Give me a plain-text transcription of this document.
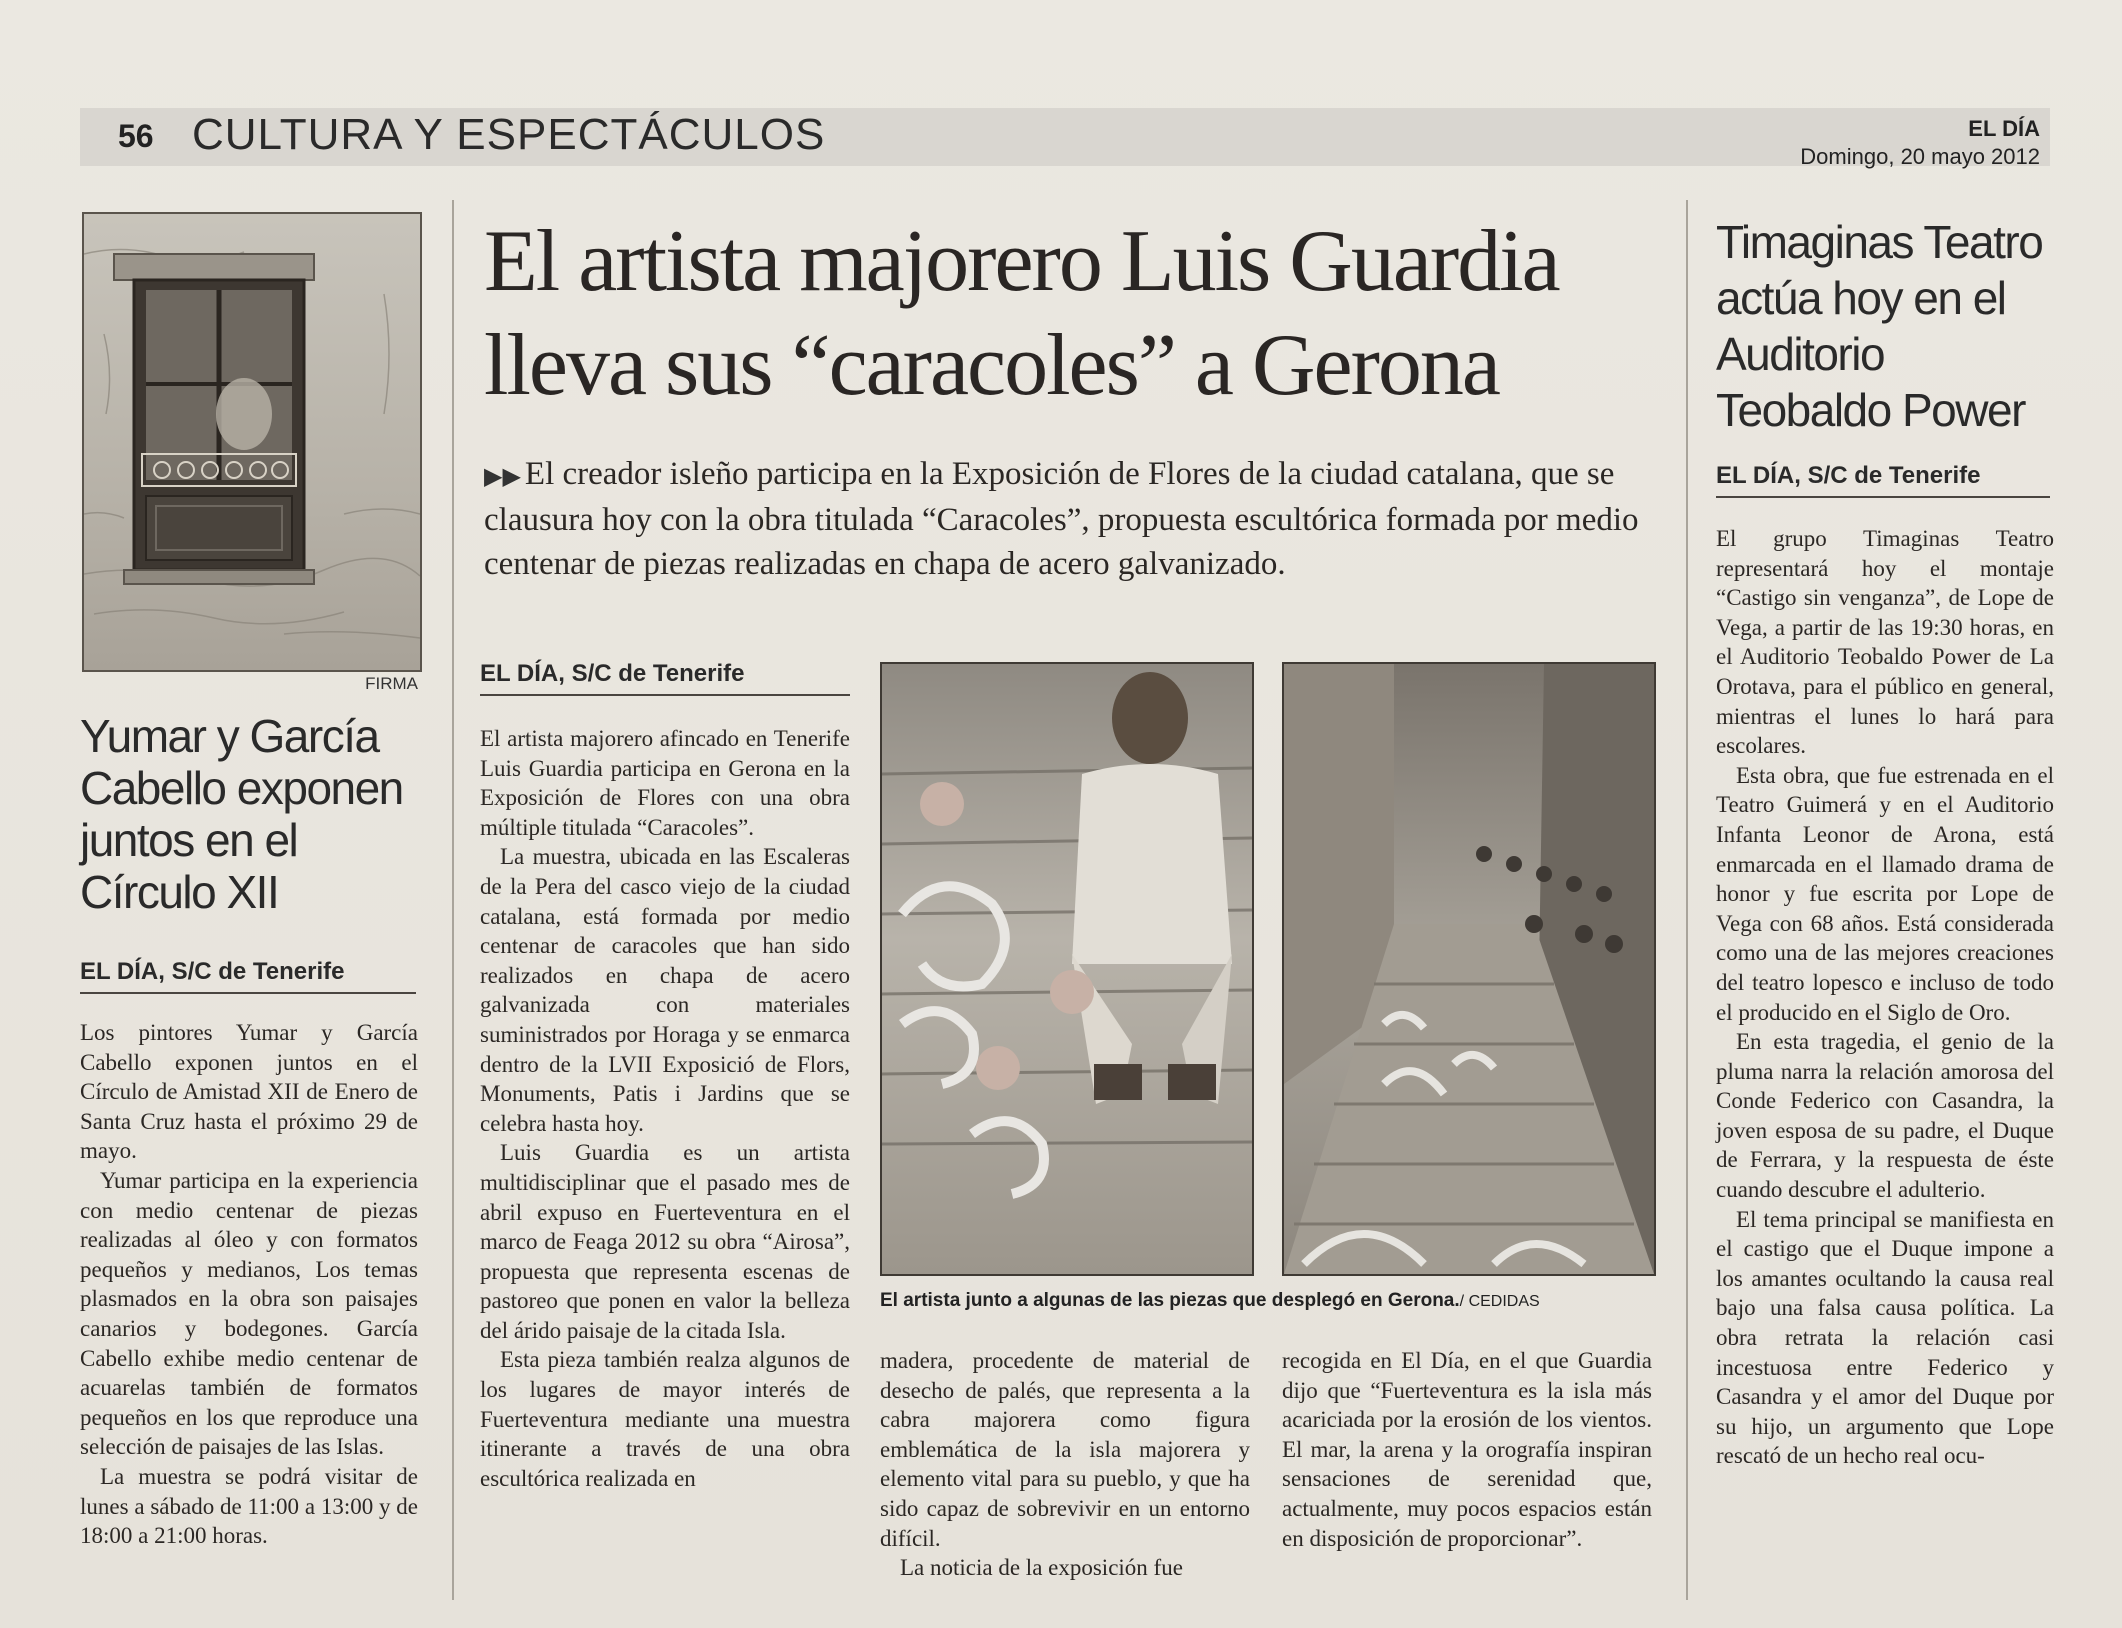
56 CULTURA Y ESPECTÁCULOS	EL DÍA
Domingo, 20 mayo 2012
FIRMA
Yumar y García Cabello exponen juntos en el Círculo XII
EL DÍA, S/C de Tenerife

Los pintores Yumar y García Cabello exponen juntos en el Círculo de Amistad XII de Enero de Santa Cruz hasta el próximo 29 de mayo.

Yumar participa en la experiencia con medio centenar de piezas realizadas al óleo y con formatos pequeños y medianos, Los temas plasmados en la obra son paisajes canarios y bodegones. García Cabello exhibe medio centenar de acuarelas también de formatos pequeños en los que reproduce una selección de paisajes de las Islas.

La muestra se podrá visitar de lunes a sábado de 11:00 a 13:00 y de 18:00 a 21:00 horas.

El artista majorero Luis Guardia lleva sus “caracoles” a Gerona
▶▶ El creador isleño participa en la Exposición de Flores de la ciudad catalana, que se clausura hoy con la obra titulada “Caracoles”, propuesta escultórica formada por medio centenar de piezas realizadas en chapa de acero galvanizado.
EL DÍA, S/C de Tenerife

El artista majorero afincado en Tenerife Luis Guardia participa en Gerona en la Exposición de Flores con una obra múltiple titulada “Caracoles”.

La muestra, ubicada en las Escaleras de la Pera del casco viejo de la ciudad catalana, está formada por medio centenar de caracoles que han sido realizados en chapa de acero galvanizada con materiales suministrados por Horaga y se enmarca dentro de la LVII Exposició de Flors, Monuments, Patis i Jardins que se celebra hasta hoy.

Luis Guardia es un artista multidisciplinar que el pasado mes de abril expuso en Fuerteventura en el marco de Feaga 2012 su obra “Airosa”, propuesta que representa escenas de pastoreo que ponen en valor la belleza del árido paisaje de la citada Isla.

Esta pieza también realza algunos de los lugares de mayor interés de Fuerteventura mediante una muestra itinerante a través de una obra escultórica realizada en

El artista junto a algunas de las piezas que desplegó en Gerona./ CEDIDAS

madera, procedente de material de desecho de palés, que representa a la cabra majorera como figura emblemática de la isla majorera y elemento vital para su pueblo, y que ha sido capaz de sobrevivir en un entorno difícil.

La noticia de la exposición fue

recogida en El Día, en el que Guardia dijo que “Fuerteventura es la isla más acariciada por la erosión de los vientos. El mar, la arena y la orografía inspiran sensaciones de serenidad que, actualmente, muy pocos espacios están en disposición de proporcionar”.

Timaginas Teatro actúa hoy en el Auditorio Teobaldo Power
EL DÍA, S/C de Tenerife

El grupo Timaginas Teatro representará hoy el montaje “Castigo sin venganza”, de Lope de Vega, a partir de las 19:30 horas, en el Auditorio Teobaldo Power de La Orotava, para el público en general, mientras el lunes lo hará para escolares.

Esta obra, que fue estrenada en el Teatro Guimerá y en el Auditorio Infanta Leonor de Arona, está enmarcada en el llamado drama de honor y fue escrita por Lope de Vega con 68 años. Está considerada como una de las mejores creaciones del teatro lopesco e incluso de todo el producido en el Siglo de Oro.

En esta tragedia, el genio de la pluma narra la relación amorosa del Conde Federico con Casandra, la joven esposa de su padre, el Duque de Ferrara, y la respuesta de éste cuando descubre el adulterio.

El tema principal se manifiesta en el castigo que el Duque impone a los amantes ocultando la causa real bajo una falsa causa política. La obra retrata la relación casi incestuosa entre Federico y Casandra y el amor del Duque por su hijo, un argumento que Lope rescató de un hecho real ocu-
